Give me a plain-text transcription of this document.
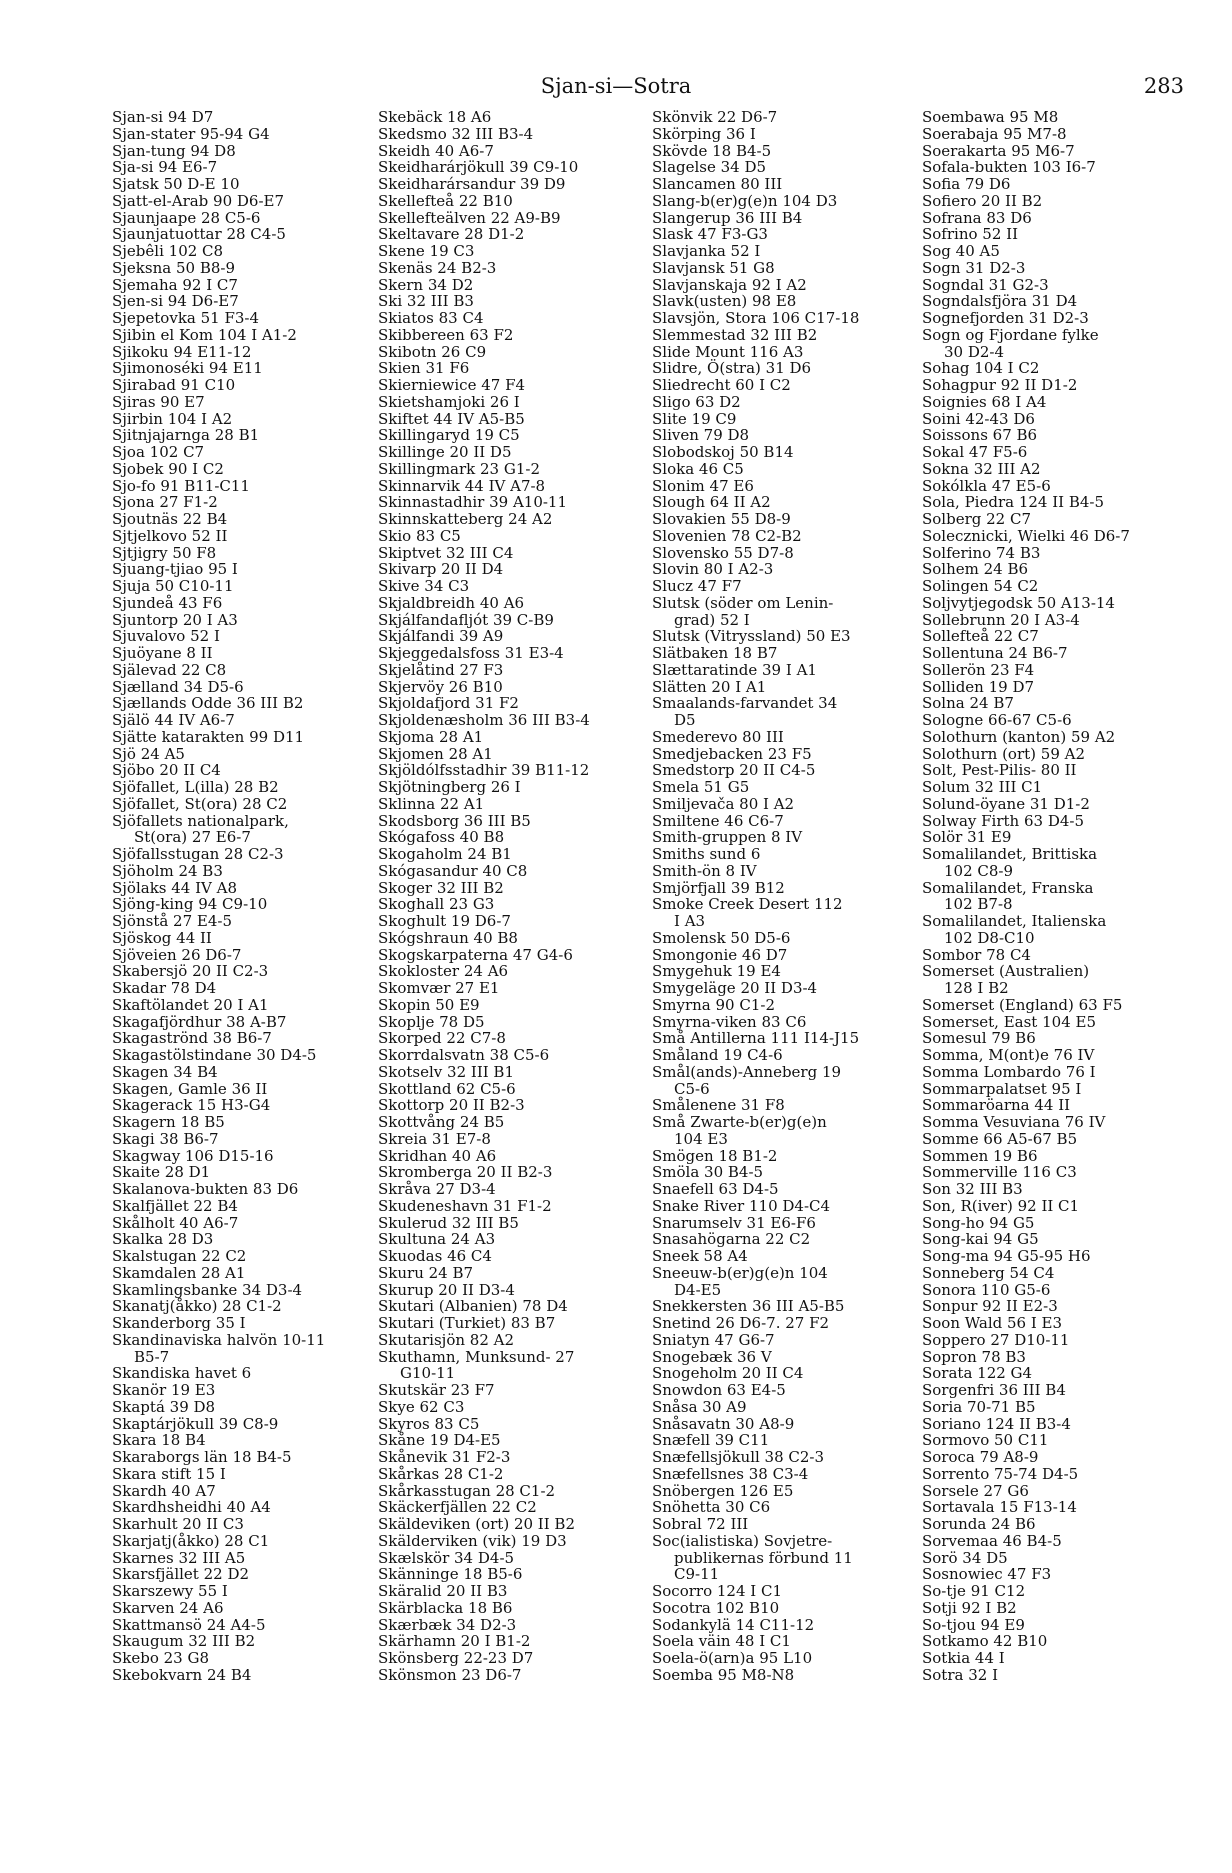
Sjan-si—Sotra	283
Sjan-si 94 D7
Sjan-stater 95-94 G4
Sjan-tung 94 D8
Sja-si 94 E6-7
Sjatsk 50 D-E 10
Sjatt-el-Arab 90 D6-E7
Sjaunjaape 28 C5-6
Sjaunjatuottar 28 C4-5
Sjebêli 102 C8
Sjeksna 50 B8-9
Sjemaha 92 I C7
Sjen-si 94 D6-E7
Sjepetovka 51 F3-4
Sjibin el Kom 104 I A1-2
Sjikoku 94 E11-12
Sjimonoséki 94 E11
Sjirabad 91 C10
Sjiras 90 E7
Sjirbin 104 I A2
Sjitnjajarnga 28 B1
Sjoa 102 C7
Sjobek 90 I C2
Sjo-fo 91 B11-C11
Sjona 27 F1-2
Sjoutnäs 22 B4
Sjtjelkovo 52 II
Sjtjigry 50 F8
Sjuang-tjiao 95 I
Sjuja 50 C10-11
Sjundeå 43 F6
Sjuntorp 20 I A3
Sjuvalovo 52 I
Sjuöyane 8 II
Själevad 22 C8
Sjælland 34 D5-6
Sjællands Odde 36 III B2
Själö 44 IV A6-7
Sjätte katarakten 99 D11
Sjö 24 A5
Sjöbo 20 II C4
Sjöfallet, L(illa) 28 B2
Sjöfallet, St(ora) 28 C2
Sjöfallets nationalpark,
St(ora) 27 E6-7
Sjöfallsstugan 28 C2-3
Sjöholm 24 B3
Sjölaks 44 IV A8
Sjöng-king 94 C9-10
Sjönstå 27 E4-5
Sjöskog 44 II
Sjöveien 26 D6-7
Skabersjö 20 II C2-3
Skadar 78 D4
Skaftölandet 20 I A1
Skagafjördhur 38 A-B7
Skagaströnd 38 B6-7
Skagastölstindane 30 D4-5
Skagen 34 B4
Skagen, Gamle 36 II
Skagerack 15 H3-G4
Skagern 18 B5
Skagi 38 B6-7
Skagway 106 D15-16
Skaite 28 D1
Skalanova-bukten 83 D6
Skalfjället 22 B4
Skålholt 40 A6-7
Skalka 28 D3
Skalstugan 22 C2
Skamdalen 28 A1
Skamlingsbanke 34 D3-4
Skanatj(åkko) 28 C1-2
Skanderborg 35 I
Skandinaviska halvön 10-11
B5-7
Skandiska havet 6
Skanör 19 E3
Skaptá 39 D8
Skaptárjökull 39 C8-9
Skara 18 B4
Skaraborgs län 18 B4-5
Skara stift 15 I
Skardh 40 A7
Skardhsheidhi 40 A4
Skarhult 20 II C3
Skarjatj(åkko) 28 C1
Skarnes 32 III A5
Skarsfjället 22 D2
Skarszewy 55 I
Skarven 24 A6
Skattmansö 24 A4-5
Skaugum 32 III B2
Skebo 23 G8
Skebokvarn 24 B4
Skebäck 18 A6
Skedsmo 32 III B3-4
Skeidh 40 A6-7
Skeidharárjökull 39 C9-10
Skeidharársandur 39 D9
Skellefteå 22 B10
Skellefteälven 22 A9-B9
Skeltavare 28 D1-2
Skene 19 C3
Skenäs 24 B2-3
Skern 34 D2
Ski 32 III B3
Skiatos 83 C4
Skibbereen 63 F2
Skibotn 26 C9
Skien 31 F6
Skierniewice 47 F4
Skietshamjoki 26 I
Skiftet 44 IV A5-B5
Skillingaryd 19 C5
Skillinge 20 II D5
Skillingmark 23 G1-2
Skinnarvik 44 IV A7-8
Skinnastadhir 39 A10-11
Skinnskatteberg 24 A2
Skio 83 C5
Skiptvet 32 III C4
Skivarp 20 II D4
Skive 34 C3
Skjaldbreidh 40 A6
Skjálfandafljót 39 C-B9
Skjálfandi 39 A9
Skjeggedalsfoss 31 E3-4
Skjelåtind 27 F3
Skjervöy 26 B10
Skjoldafjord 31 F2
Skjoldenæsholm 36 III B3-4
Skjoma 28 A1
Skjomen 28 A1
Skjöldólfsstadhir 39 B11-12
Skjötningberg 26 I
Sklinna 22 A1
Skodsborg 36 III B5
Skógafoss 40 B8
Skogaholm 24 B1
Skógasandur 40 C8
Skoger 32 III B2
Skoghall 23 G3
Skoghult 19 D6-7
Skógshraun 40 B8
Skogskarpaterna 47 G4-6
Skokloster 24 A6
Skomvær 27 E1
Skopin 50 E9
Skoplje 78 D5
Skorped 22 C7-8
Skorrdalsvatn 38 C5-6
Skotselv 32 III B1
Skottland 62 C5-6
Skottorp 20 II B2-3
Skottvång 24 B5
Skreia 31 E7-8
Skridhan 40 A6
Skromberga 20 II B2-3
Skråva 27 D3-4
Skudeneshavn 31 F1-2
Skulerud 32 III B5
Skultuna 24 A3
Skuodas 46 C4
Skuru 24 B7
Skurup 20 II D3-4
Skutari (Albanien) 78 D4
Skutari (Turkiet) 83 B7
Skutarisjön 82 A2
Skuthamn, Munksund- 27
G10-11
Skutskär 23 F7
Skye 62 C3
Skyros 83 C5
Skåne 19 D4-E5
Skånevik 31 F2-3
Skårkas 28 C1-2
Skårkasstugan 28 C1-2
Skäckerfjällen 22 C2
Skäldeviken (ort) 20 II B2
Skälderviken (vik) 19 D3
Skælskör 34 D4-5
Skänninge 18 B5-6
Skäralid 20 II B3
Skärblacka 18 B6
Skærbæk 34 D2-3
Skärhamn 20 I B1-2
Skönsberg 22-23 D7
Skönsmon 23 D6-7
Skönvik 22 D6-7
Skörping 36 I
Skövde 18 B4-5
Slagelse 34 D5
Slancamen 80 III
Slang-b(er)g(e)n 104 D3
Slangerup 36 III B4
Slask 47 F3-G3
Slavjanka 52 I
Slavjansk 51 G8
Slavjanskaja 92 I A2
Slavk(usten) 98 E8
Slavsjön, Stora 106 C17-18
Slemmestad 32 III B2
Slide Mount 116 A3
Slidre, Ö(stra) 31 D6
Sliedrecht 60 I C2
Sligo 63 D2
Slite 19 C9
Sliven 79 D8
Slobodskoj 50 B14
Sloka 46 C5
Slonim 47 E6
Slough 64 II A2
Slovakien 55 D8-9
Slovenien 78 C2-B2
Slovensko 55 D7-8
Slovin 80 I A2-3
Slucz 47 F7
Slutsk (söder om Lenin-
grad) 52 I
Slutsk (Vitryssland) 50 E3
Slätbaken 18 B7
Slættaratinde 39 I A1
Slätten 20 I A1
Smaalands-farvandet 34
D5
Smederevo 80 III
Smedjebacken 23 F5
Smedstorp 20 II C4-5
Smela 51 G5
Smiljevača 80 I A2
Smiltene 46 C6-7
Smith-gruppen 8 IV
Smiths sund 6
Smith-ön 8 IV
Smjörfjall 39 B12
Smoke Creek Desert 112
I A3
Smolensk 50 D5-6
Smongonie 46 D7
Smygehuk 19 E4
Smygeläge 20 II D3-4
Smyrna 90 C1-2
Smyrna-viken 83 C6
Små Antillerna 111 I14-J15
Småland 19 C4-6
Smål(ands)-Anneberg 19
C5-6
Smålenene 31 F8
Små Zwarte-b(er)g(e)n
104 E3
Smögen 18 B1-2
Smöla 30 B4-5
Snaefell 63 D4-5
Snake River 110 D4-C4
Snarumselv 31 E6-F6
Snasahögarna 22 C2
Sneek 58 A4
Sneeuw-b(er)g(e)n 104
D4-E5
Snekkersten 36 III A5-B5
Snetind 26 D6-7. 27 F2
Sniatyn 47 G6-7
Snogebæk 36 V
Snogeholm 20 II C4
Snowdon 63 E4-5
Snåsa 30 A9
Snåsavatn 30 A8-9
Snæfell 39 C11
Snæfellsjökull 38 C2-3
Snæfellsnes 38 C3-4
Snöbergen 126 E5
Snöhetta 30 C6
Sobral 72 III
Soc(ialistiska) Sovjetre-
publikernas förbund 11
C9-11
Socorro 124 I C1
Socotra 102 B10
Sodankylä 14 C11-12
Soela väin 48 I C1
Soela-ö(arn)a 95 L10
Soemba 95 M8-N8
Soembawa 95 M8
Soerabaja 95 M7-8
Soerakarta 95 M6-7
Sofala-bukten 103 I6-7
Sofia 79 D6
Sofiero 20 II B2
Sofrana 83 D6
Sofrino 52 II
Sog 40 A5
Sogn 31 D2-3
Sogndal 31 G2-3
Sogndalsfjöra 31 D4
Sognefjorden 31 D2-3
Sogn og Fjordane fylke
30 D2-4
Sohag 104 I C2
Sohagpur 92 II D1-2
Soignies 68 I A4
Soini 42-43 D6
Soissons 67 B6
Sokal 47 F5-6
Sokna 32 III A2
Sokólkla 47 E5-6
Sola, Piedra 124 II B4-5
Solberg 22 C7
Solecznicki, Wielki 46 D6-7
Solferino 74 B3
Solhem 24 B6
Solingen 54 C2
Soljvytjegodsk 50 A13-14
Sollebrunn 20 I A3-4
Sollefteå 22 C7
Sollentuna 24 B6-7
Sollerön 23 F4
Solliden 19 D7
Solna 24 B7
Sologne 66-67 C5-6
Solothurn (kanton) 59 A2
Solothurn (ort) 59 A2
Solt, Pest-Pilis- 80 II
Solum 32 III C1
Solund-öyane 31 D1-2
Solway Firth 63 D4-5
Solör 31 E9
Somalilandet, Brittiska
102 C8-9
Somalilandet, Franska
102 B7-8
Somalilandet, Italienska
102 D8-C10
Sombor 78 C4
Somerset (Australien)
128 I B2
Somerset (England) 63 F5
Somerset, East 104 E5
Somesul 79 B6
Somma, M(ont)e 76 IV
Somma Lombardo 76 I
Sommarpalatset 95 I
Sommaröarna 44 II
Somma Vesuviana 76 IV
Somme 66 A5-67 B5
Sommen 19 B6
Sommerville 116 C3
Son 32 III B3
Son, R(iver) 92 II C1
Song-ho 94 G5
Song-kai 94 G5
Song-ma 94 G5-95 H6
Sonneberg 54 C4
Sonora 110 G5-6
Sonpur 92 II E2-3
Soon Wald 56 I E3
Soppero 27 D10-11
Sopron 78 B3
Sorata 122 G4
Sorgenfri 36 III B4
Soria 70-71 B5
Soriano 124 II B3-4
Sormovo 50 C11
Soroca 79 A8-9
Sorrento 75-74 D4-5
Sorsele 27 G6
Sortavala 15 F13-14
Sorunda 24 B6
Sorvemaa 46 B4-5
Sorö 34 D5
Sosnowiec 47 F3
So-tje 91 C12
Sotji 92 I B2
So-tjou 94 E9
Sotkamo 42 B10
Sotkia 44 I
Sotra 32 I
